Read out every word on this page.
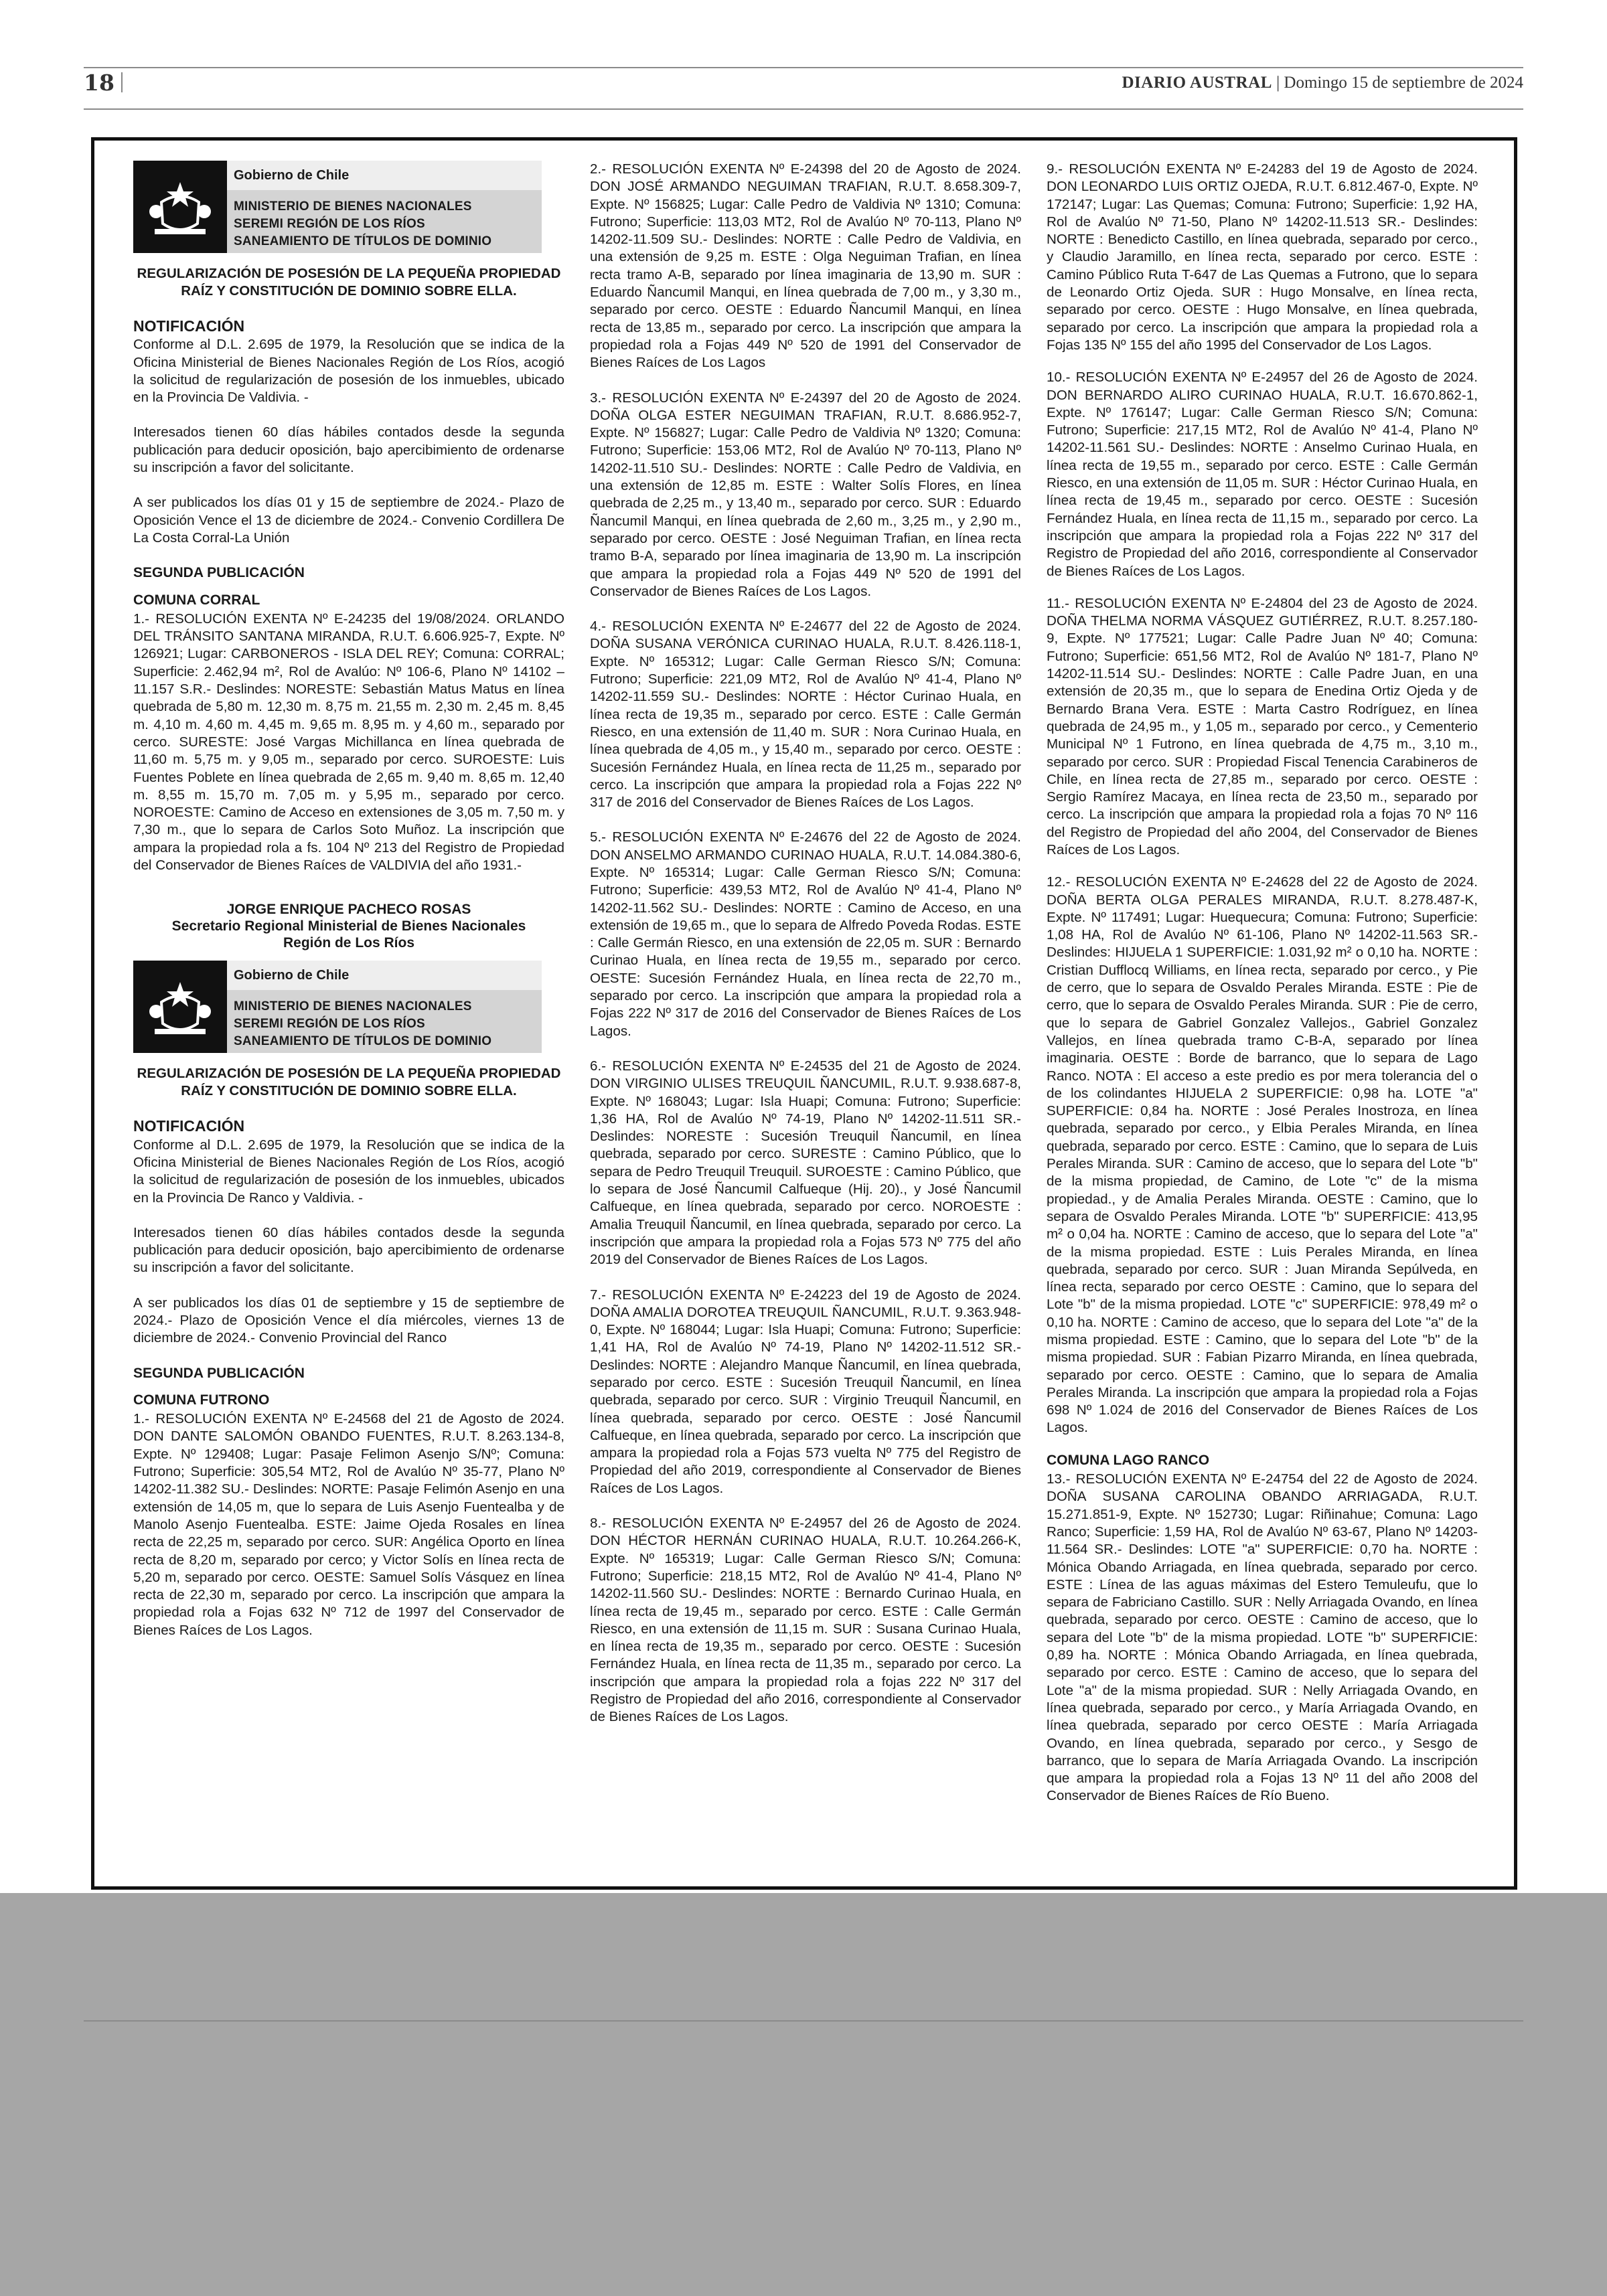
18	DIARIO AUSTRAL | Domingo 15 de septiembre de 2024
Gobierno de Chile
MINISTERIO DE BIENES NACIONALES
SEREMI REGIÓN DE LOS RÍOS
SANEAMIENTO DE TÍTULOS DE DOMINIO

REGULARIZACIÓN DE POSESIÓN DE LA PEQUEÑA PROPIEDAD RAÍZ Y CONSTITUCIÓN DE DOMINIO SOBRE ELLA.

NOTIFICACIÓN

Conforme al D.L. 2.695 de 1979, la Resolución que se indica de la Oficina Ministerial de Bienes Nacionales Región de Los Ríos, acogió la solicitud de regularización de posesión de los inmuebles, ubicado en la Provincia De Valdivia. -

Interesados tienen 60 días hábiles contados desde la segunda publicación para deducir oposición, bajo apercibimiento de ordenarse su inscripción a favor del solicitante.

A ser publicados los días 01 y 15 de septiembre de 2024.- Plazo de Oposición Vence el 13 de diciembre de 2024.- Convenio Cordillera De La Costa Corral-La Unión

SEGUNDA PUBLICACIÓN
COMUNA CORRAL

1.- RESOLUCIÓN EXENTA Nº E-24235 del 19/08/2024. ORLANDO DEL TRÁNSITO SANTANA MIRANDA, R.U.T. 6.606.925-7, Expte. Nº 126921; Lugar: CARBONEROS - ISLA DEL REY; Comuna: CORRAL; Superficie: 2.462,94 m², Rol de Avalúo: Nº 106-6, Plano Nº 14102 – 11.157 S.R.- Deslindes: NORESTE: Sebastián Matus Matus en línea quebrada de 5,80 m. 12,30 m. 8,75 m. 21,55 m. 2,30 m. 2,45 m. 8,45 m. 4,10 m. 4,60 m. 4,45 m. 9,65 m. 8,95 m. y 4,60 m., separado por cerco. SURESTE: José Vargas Michillanca en línea quebrada de 11,60 m. 5,75 m. y 9,05 m., separado por cerco. SUROESTE: Luis Fuentes Poblete en línea quebrada de 2,65 m. 9,40 m. 8,65 m. 12,40 m. 8,55 m. 15,70 m. 7,05 m. y 5,95 m., separado por cerco. NOROESTE: Camino de Acceso en extensiones de 3,05 m. 7,50 m. y 7,30 m., que lo separa de Carlos Soto Muñoz. La inscripción que ampara la propiedad rola a fs. 104 Nº 213 del Registro de Propiedad del Conservador de Bienes Raíces de VALDIVIA del año 1931.-

JORGE ENRIQUE PACHECO ROSAS
Secretario Regional Ministerial de Bienes Nacionales
Región de Los Ríos
Gobierno de Chile
MINISTERIO DE BIENES NACIONALES
SEREMI REGIÓN DE LOS RÍOS
SANEAMIENTO DE TÍTULOS DE DOMINIO

REGULARIZACIÓN DE POSESIÓN DE LA PEQUEÑA PROPIEDAD RAÍZ Y CONSTITUCIÓN DE DOMINIO SOBRE ELLA.

NOTIFICACIÓN

Conforme al D.L. 2.695 de 1979, la Resolución que se indica de la Oficina Ministerial de Bienes Nacionales Región de Los Ríos, acogió la solicitud de regularización de posesión de los inmuebles, ubicados en la Provincia De Ranco y Valdivia. -

Interesados tienen 60 días hábiles contados desde la segunda publicación para deducir oposición, bajo apercibimiento de ordenarse su inscripción a favor del solicitante.

A ser publicados los días 01 de septiembre y 15 de septiembre de 2024.- Plazo de Oposición Vence el día miércoles, viernes 13 de diciembre de 2024.- Convenio Provincial del Ranco

SEGUNDA PUBLICACIÓN
COMUNA FUTRONO

1.- RESOLUCIÓN EXENTA Nº E-24568 del 21 de Agosto de 2024. DON DANTE SALOMÓN OBANDO FUENTES, R.U.T. 8.263.134-8, Expte. Nº 129408; Lugar: Pasaje Felimon Asenjo S/Nº; Comuna: Futrono; Superficie: 305,54 MT2, Rol de Avalúo Nº 35-77, Plano Nº 14202-11.382 SU.- Deslindes: NORTE: Pasaje Felimón Asenjo en una extensión de 14,05 m, que lo separa de Luis Asenjo Fuentealba y de Manolo Asenjo Fuentealba. ESTE: Jaime Ojeda Rosales en línea recta de 22,25 m, separado por cerco. SUR: Angélica Oporto en línea recta de 8,20 m, separado por cerco; y Victor Solís en línea recta de 5,20 m, separado por cerco. OESTE: Samuel Solís Vásquez en línea recta de 22,30 m, separado por cerco. La inscripción que ampara la propiedad rola a Fojas 632 Nº 712 de 1997 del Conservador de Bienes Raíces de Los Lagos.

2.- RESOLUCIÓN EXENTA Nº E-24398 del 20 de Agosto de 2024. DON JOSÉ ARMANDO NEGUIMAN TRAFIAN, R.U.T. 8.658.309-7, Expte. Nº 156825; Lugar: Calle Pedro de Valdivia Nº 1310; Comuna: Futrono; Superficie: 113,03 MT2, Rol de Avalúo Nº 70-113, Plano Nº 14202-11.509 SU.- Deslindes: NORTE : Calle Pedro de Valdivia, en una extensión de 9,25 m. ESTE : Olga Neguiman Trafian, en línea recta tramo A-B, separado por línea imaginaria de 13,90 m. SUR : Eduardo Ñancumil Manqui, en línea quebrada de 7,00 m., y 3,30 m., separado por cerco. OESTE : Eduardo Ñancumil Manqui, en línea recta de 13,85 m., separado por cerco. La inscripción que ampara la propiedad rola a Fojas 449 Nº 520 de 1991 del Conservador de Bienes Raíces de Los Lagos

3.- RESOLUCIÓN EXENTA Nº E-24397 del 20 de Agosto de 2024. DOÑA OLGA ESTER NEGUIMAN TRAFIAN, R.U.T. 8.686.952-7, Expte. Nº 156827; Lugar: Calle Pedro de Valdivia Nº 1320; Comuna: Futrono; Superficie: 153,06 MT2, Rol de Avalúo Nº 70-113, Plano Nº 14202-11.510 SU.- Deslindes: NORTE : Calle Pedro de Valdivia, en una extensión de 12,85 m. ESTE : Walter Solís Flores, en línea quebrada de 2,25 m., y 13,40 m., separado por cerco. SUR : Eduardo Ñancumil Manqui, en línea quebrada de 2,60 m., 3,25 m., y 2,90 m., separado por cerco. OESTE : José Neguiman Trafian, en línea recta tramo B-A, separado por línea imaginaria de 13,90 m. La inscripción que ampara la propiedad rola a Fojas 449 Nº 520 de 1991 del Conservador de Bienes Raíces de Los Lagos.

4.- RESOLUCIÓN EXENTA Nº E-24677 del 22 de Agosto de 2024. DOÑA SUSANA VERÓNICA CURINAO HUALA, R.U.T. 8.426.118-1, Expte. Nº 165312; Lugar: Calle German Riesco S/N; Comuna: Futrono; Superficie: 221,09 MT2, Rol de Avalúo Nº 41-4, Plano Nº 14202-11.559 SU.- Deslindes: NORTE : Héctor Curinao Huala, en línea recta de 19,35 m., separado por cerco. ESTE : Calle Germán Riesco, en una extensión de 11,40 m. SUR : Nora Curinao Huala, en línea quebrada de 4,05 m., y 15,40 m., separado por cerco. OESTE : Sucesión Fernández Huala, en línea recta de 11,25 m., separado por cerco. La inscripción que ampara la propiedad rola a Fojas 222 Nº 317 de 2016 del Conservador de Bienes Raíces de Los Lagos.

5.- RESOLUCIÓN EXENTA Nº E-24676 del 22 de Agosto de 2024. DON ANSELMO ARMANDO CURINAO HUALA, R.U.T. 14.084.380-6, Expte. Nº 165314; Lugar: Calle German Riesco S/N; Comuna: Futrono; Superficie: 439,53 MT2, Rol de Avalúo Nº 41-4, Plano Nº 14202-11.562 SU.- Deslindes: NORTE : Camino de Acceso, en una extensión de 19,65 m., que lo separa de Alfredo Poveda Rodas. ESTE : Calle Germán Riesco, en una extensión de 22,05 m. SUR : Bernardo Curinao Huala, en línea recta de 19,55 m., separado por cerco. OESTE: Sucesión Fernández Huala, en línea recta de 22,70 m., separado por cerco. La inscripción que ampara la propiedad rola a Fojas 222 Nº 317 de 2016 del Conservador de Bienes Raíces de Los Lagos.

6.- RESOLUCIÓN EXENTA Nº E-24535 del 21 de Agosto de 2024. DON VIRGINIO ULISES TREUQUIL ÑANCUMIL, R.U.T. 9.938.687-8, Expte. Nº 168043; Lugar: Isla Huapi; Comuna: Futrono; Superficie: 1,36 HA, Rol de Avalúo Nº 74-19, Plano Nº 14202-11.511 SR.- Deslindes: NORESTE : Sucesión Treuquil Ñancumil, en línea quebrada, separado por cerco. SURESTE : Camino Público, que lo separa de Pedro Treuquil Treuquil. SUROESTE : Camino Público, que lo separa de José Ñancumil Calfueque (Hij. 20)., y José Ñancumil Calfueque, en línea quebrada, separado por cerco. NOROESTE : Amalia Treuquil Ñancumil, en línea quebrada, separado por cerco. La inscripción que ampara la propiedad rola a Fojas 573 Nº 775 del año 2019 del Conservador de Bienes Raíces de Los Lagos.

7.- RESOLUCIÓN EXENTA Nº E-24223 del 19 de Agosto de 2024. DOÑA AMALIA DOROTEA TREUQUIL ÑANCUMIL, R.U.T. 9.363.948-0, Expte. Nº 168044; Lugar: Isla Huapi; Comuna: Futrono; Superficie: 1,41 HA, Rol de Avalúo Nº 74-19, Plano Nº 14202-11.512 SR.- Deslindes: NORTE : Alejandro Manque Ñancumil, en línea quebrada, separado por cerco. ESTE : Sucesión Treuquil Ñancumil, en línea quebrada, separado por cerco. SUR : Virginio Treuquil Ñancumil, en línea quebrada, separado por cerco. OESTE : José Ñancumil Calfueque, en línea quebrada, separado por cerco. La inscripción que ampara la propiedad rola a Fojas 573 vuelta Nº 775 del Registro de Propiedad del año 2019, correspondiente al Conservador de Bienes Raíces de Los Lagos.

8.- RESOLUCIÓN EXENTA Nº E-24957 del 26 de Agosto de 2024. DON HÉCTOR HERNÁN CURINAO HUALA, R.U.T. 10.264.266-K, Expte. Nº 165319; Lugar: Calle German Riesco S/N; Comuna: Futrono; Superficie: 218,15 MT2, Rol de Avalúo Nº 41-4, Plano Nº 14202-11.560 SU.- Deslindes: NORTE : Bernardo Curinao Huala, en línea recta de 19,45 m., separado por cerco. ESTE : Calle Germán Riesco, en una extensión de 11,15 m. SUR : Susana Curinao Huala, en línea recta de 19,35 m., separado por cerco. OESTE : Sucesión Fernández Huala, en línea recta de 11,35 m., separado por cerco. La inscripción que ampara la propiedad rola a fojas 222 Nº 317 del Registro de Propiedad del año 2016, correspondiente al Conservador de Bienes Raíces de Los Lagos.

9.- RESOLUCIÓN EXENTA Nº E-24283 del 19 de Agosto de 2024. DON LEONARDO LUIS ORTIZ OJEDA, R.U.T. 6.812.467-0, Expte. Nº 172147; Lugar: Las Quemas; Comuna: Futrono; Superficie: 1,92 HA, Rol de Avalúo Nº 71-50, Plano Nº 14202-11.513 SR.- Deslindes: NORTE : Benedicto Castillo, en línea quebrada, separado por cerco., y Claudio Jaramillo, en línea recta, separado por cerco. ESTE : Camino Público Ruta T-647 de Las Quemas a Futrono, que lo separa de Leonardo Ortiz Ojeda. SUR : Hugo Monsalve, en línea recta, separado por cerco. OESTE : Hugo Monsalve, en línea quebrada, separado por cerco. La inscripción que ampara la propiedad rola a Fojas 135 Nº 155 del año 1995 del Conservador de Los Lagos.

10.- RESOLUCIÓN EXENTA Nº E-24957 del 26 de Agosto de 2024. DON BERNARDO ALIRO CURINAO HUALA, R.U.T. 16.670.862-1, Expte. Nº 176147; Lugar: Calle German Riesco S/N; Comuna: Futrono; Superficie: 217,15 MT2, Rol de Avalúo Nº 41-4, Plano Nº 14202-11.561 SU.- Deslindes: NORTE : Anselmo Curinao Huala, en línea recta de 19,55 m., separado por cerco. ESTE : Calle Germán Riesco, en una extensión de 11,05 m. SUR : Héctor Curinao Huala, en línea recta de 19,45 m., separado por cerco. OESTE : Sucesión Fernández Huala, en línea recta de 11,15 m., separado por cerco. La inscripción que ampara la propiedad rola a Fojas 222 Nº 317 del Registro de Propiedad del año 2016, correspondiente al Conservador de Bienes Raíces de Los Lagos.

11.- RESOLUCIÓN EXENTA Nº E-24804 del 23 de Agosto de 2024. DOÑA THELMA NORMA VÁSQUEZ GUTIÉRREZ, R.U.T. 8.257.180-9, Expte. Nº 177521; Lugar: Calle Padre Juan Nº 40; Comuna: Futrono; Superficie: 651,56 MT2, Rol de Avalúo Nº 181-7, Plano Nº 14202-11.514 SU.- Deslindes: NORTE : Calle Padre Juan, en una extensión de 20,35 m., que lo separa de Enedina Ortiz Ojeda y de Bernardo Brana Vera. ESTE : Marta Castro Rodríguez, en línea quebrada de 24,95 m., y 1,05 m., separado por cerco., y Cementerio Municipal Nº 1 Futrono, en línea quebrada de 4,75 m., 3,10 m., separado por cerco. SUR : Propiedad Fiscal Tenencia Carabineros de Chile, en línea recta de 27,85 m., separado por cerco. OESTE : Sergio Ramírez Macaya, en línea recta de 23,50 m., separado por cerco. La inscripción que ampara la propiedad rola a fojas 70 Nº 116 del Registro de Propiedad del año 2004, del Conservador de Bienes Raíces de Los Lagos.

12.- RESOLUCIÓN EXENTA Nº E-24628 del 22 de Agosto de 2024. DOÑA BERTA OLGA PERALES MIRANDA, R.U.T. 8.278.487-K, Expte. Nº 117491; Lugar: Huequecura; Comuna: Futrono; Superficie: 1,08 HA, Rol de Avalúo Nº 61-106, Plano Nº 14202-11.563 SR.- Deslindes: HIJUELA 1 SUPERFICIE: 1.031,92 m² o 0,10 ha. NORTE : Cristian Dufflocq Williams, en línea recta, separado por cerco., y Pie de cerro, que lo separa de Osvaldo Perales Miranda. ESTE : Pie de cerro, que lo separa de Osvaldo Perales Miranda. SUR : Pie de cerro, que lo separa de Gabriel Gonzalez Vallejos., Gabriel Gonzalez Vallejos, en línea quebrada tramo C-B-A, separado por línea imaginaria. OESTE : Borde de barranco, que lo separa de Lago Ranco. NOTA : El acceso a este predio es por mera tolerancia del o de los colindantes HIJUELA 2 SUPERFICIE: 0,98 ha. LOTE "a" SUPERFICIE: 0,84 ha. NORTE : José Perales Inostroza, en línea quebrada, separado por cerco., y Elbia Perales Miranda, en línea quebrada, separado por cerco. ESTE : Camino, que lo separa de Luis Perales Miranda. SUR : Camino de acceso, que lo separa del Lote "b" de la misma propiedad, de Camino, de Lote "c" de la misma propiedad., y de Amalia Perales Miranda. OESTE : Camino, que lo separa de Osvaldo Perales Miranda. LOTE "b" SUPERFICIE: 413,95 m² o 0,04 ha. NORTE : Camino de acceso, que lo separa del Lote "a" de la misma propiedad. ESTE : Luis Perales Miranda, en línea quebrada, separado por cerco. SUR : Juan Miranda Sepúlveda, en línea recta, separado por cerco OESTE : Camino, que lo separa del Lote "b" de la misma propiedad. LOTE "c" SUPERFICIE: 978,49 m² o 0,10 ha. NORTE : Camino de acceso, que lo separa del Lote "a" de la misma propiedad. ESTE : Camino, que lo separa del Lote "b" de la misma propiedad. SUR : Fabian Pizarro Miranda, en línea quebrada, separado por cerco. OESTE : Camino, que lo separa de Amalia Perales Miranda. La inscripción que ampara la propiedad rola a Fojas 698 Nº 1.024 de 2016 del Conservador de Bienes Raíces de Los Lagos.

COMUNA LAGO RANCO

13.- RESOLUCIÓN EXENTA Nº E-24754 del 22 de Agosto de 2024. DOÑA SUSANA CAROLINA OBANDO ARRIAGADA, R.U.T. 15.271.851-9, Expte. Nº 152730; Lugar: Riñinahue; Comuna: Lago Ranco; Superficie: 1,59 HA, Rol de Avalúo Nº 63-67, Plano Nº 14203-11.564 SR.- Deslindes: LOTE "a" SUPERFICIE: 0,70 ha. NORTE : Mónica Obando Arriagada, en línea quebrada, separado por cerco. ESTE : Línea de las aguas máximas del Estero Temuleufu, que lo separa de Fabriciano Castillo. SUR : Nelly Arriagada Ovando, en línea quebrada, separado por cerco. OESTE : Camino de acceso, que lo separa del Lote "b" de la misma propiedad. LOTE "b" SUPERFICIE: 0,89 ha. NORTE : Mónica Obando Arriagada, en línea quebrada, separado por cerco. ESTE : Camino de acceso, que lo separa del Lote "a" de la misma propiedad. SUR : Nelly Arriagada Ovando, en línea quebrada, separado por cerco., y María Arriagada Ovando, en línea quebrada, separado por cerco OESTE : María Arriagada Ovando, en línea quebrada, separado por cerco., y Sesgo de barranco, que lo separa de María Arriagada Ovando. La inscripción que ampara la propiedad rola a Fojas 13 Nº 11 del año 2008 del Conservador de Bienes Raíces de Río Bueno.
